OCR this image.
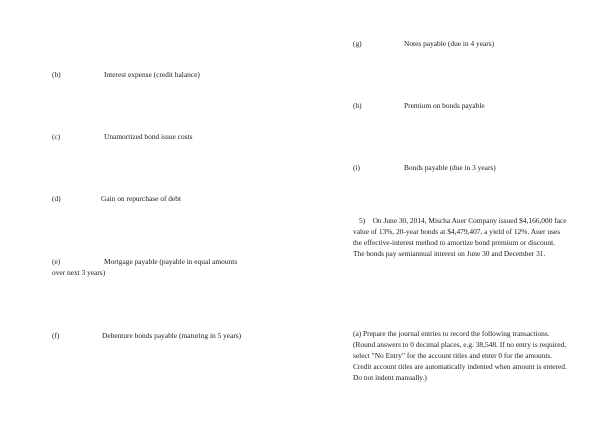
(b)	Interest expense (credit balance)
(c)	Unamortized bond issue costs
(d)	Gain on repurchase of debt
(e)	Mortgage payable (payable in equal amounts
over next 3 years)
(f)	Debenture bonds payable (maturing in 5 years)
(g)	Notes payable (due in 4 years)
(h)	Premium on bonds payable
(i)	Bonds payable (due in 3 years)
5) On June 30, 2014, Mischa Auer Company issued $4,166,000 face value of 13%, 20-year bonds at $4,479,407, a yield of 12%. Auer uses the effective-interest method to amortize bond premium or discount. The bonds pay semiannual interest on June 30 and December 31.
(a) Prepare the journal entries to record the following transactions. (Round answers to 0 decimal places, e.g. 38,548. If no entry is required, select "No Entry" for the account titles and enter 0 for the amounts. Credit account titles are automatically indented when amount is entered. Do not indent manually.)
